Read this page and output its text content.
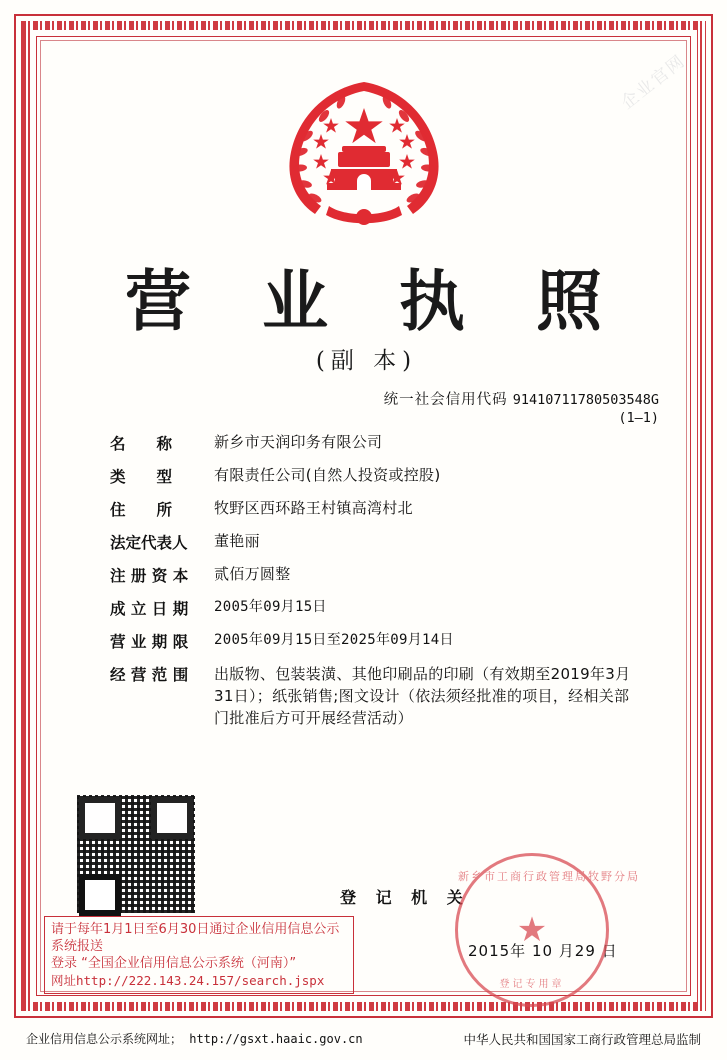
企业官网
营 业 执 照
(副 本)
统一社会信用代码 91410711780503548G
(1—1)
名　　称	新乡市天润印务有限公司
类　　型	有限责任公司(自然人投资或控股)
住　　所	牧野区西环路王村镇高湾村北
法定代表人	董艳丽
注 册 资 本	贰佰万圆整
成 立 日 期	2005年09月15日
营 业 期 限	2005年09月15日至2025年09月14日
经 营 范 围	出版物、包装装潢、其他印刷品的印刷（有效期至2019年3月31日）；纸张销售;图文设计（依法须经批准的项目，经相关部门批准后方可开展经营活动）
请于每年1月1日至6月30日通过企业信用信息公示系统报送
登录 “全国企业信用信息公示系统（河南）”
网址http://222.143.24.157/search.jspx
登 记 机 关
2015年 10 月29 日
新乡市工商行政管理局牧野分局
★
登记专用章
企业信用信息公示系统网址； http://gsxt.haaic.gov.cn	中华人民共和国国家工商行政管理总局监制
